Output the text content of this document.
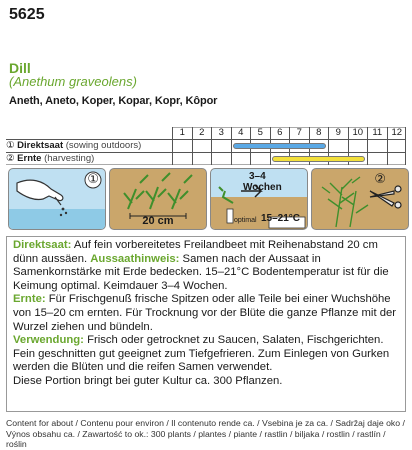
5625
Dill
(Anethum graveolens)
Aneth, Aneto, Koper, Kopar, Kopr, Kôpor
1	2	3	4	5	6	7	8	9	10 11 12
① Direktsaat (sowing outdoors)
② Ernte (harvesting)
①
20 cm
3–4
Wochen
optimal 15–21°C
②

Direktsaat: Auf fein vorbereitetes Freilandbeet mit Reihenabstand 20 cm dünn aussäen. Aussaathinweis: Samen nach der Aussaat in Samenkornstärke mit Erde bedecken. 15–21°C Bodentemperatur ist für die Keimung optimal. Keimdauer 3–4 Wochen.

Ernte: Für Frischgenuß frische Spitzen oder alle Teile bei einer Wuchshöhe von 15–20 cm ernten. Für Trocknung vor der Blüte die ganze Pflanze mit der Wurzel ziehen und bündeln.

Verwendung: Frisch oder getrocknet zu Saucen, Salaten, Fischgerichten. Fein geschnitten gut geeignet zum Tiefgefrieren. Zum Einlegen von Gurken werden die Blüten und die reifen Samen verwendet.

Diese Portion bringt bei guter Kultur ca. 300 Pflanzen.

Content for about / Contenu pour environ / Il contenuto rende ca. / Vsebina je za ca. / Sadržaj daje oko /
Výnos obsahu ca. / Zawartość to ok.: 300 plants / plantes / piante / rastlin / biljaka / rostlin / rastlín / roślin
